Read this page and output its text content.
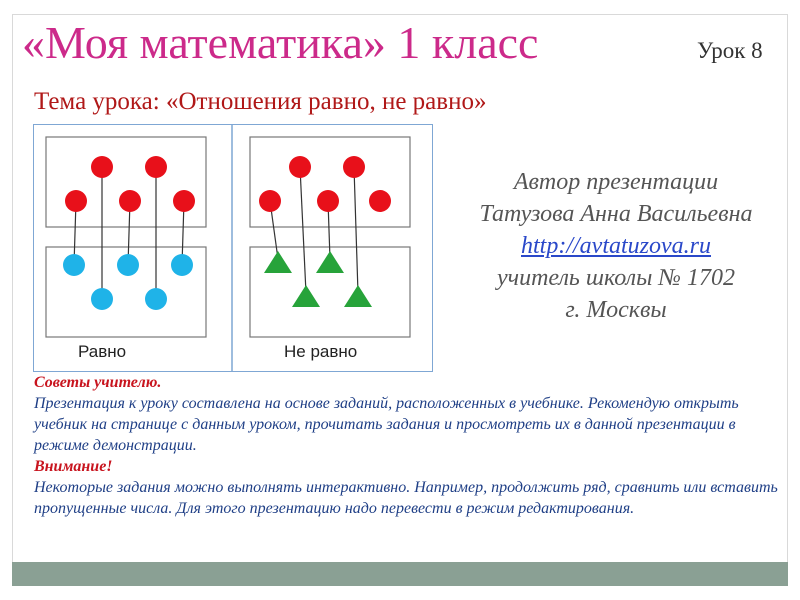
«Моя математика» 1 класс	Урок 8
Тема урока: «Отношения равно, не равно»
Равно	Не равно
Автор презентации
Татузова Анна Васильевна
http://avtatuzova.ru
учитель школы № 1702
г. Москвы
Советы учителю.
Презентация к уроку составлена на основе заданий, расположенных в учебнике. Рекомендую открыть учебник на странице с данным уроком, прочитать задания и просмотреть их в данной презентации в режиме демонстрации.
Внимание!
Некоторые задания можно выполнять интерактивно. Например, продолжить ряд, сравнить или вставить пропущенные числа. Для этого презентацию надо перевести в режим редактирования.
